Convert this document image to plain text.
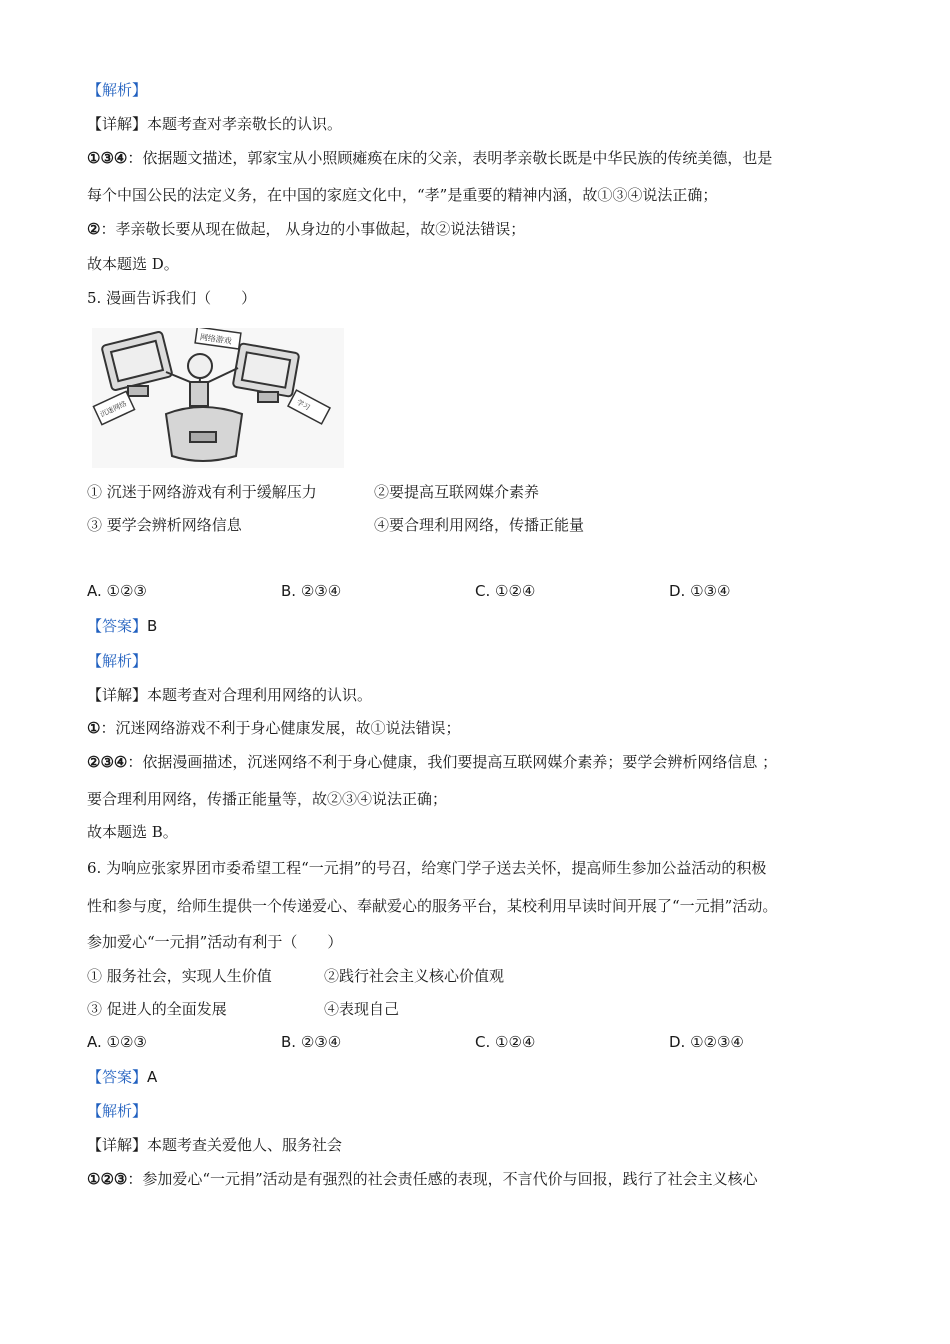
【解析】
【详解】本题考查对孝亲敬长的认识。
①③④：依据题文描述，郭家宝从小照顾瘫痪在床的父亲，表明孝亲敬长既是中华民族的传统美德，也是
每个中国公民的法定义务，在中国的家庭文化中，“孝”是重要的精神内涵，故①③④说法正确；
②：孝亲敬长要从现在做起， 从身边的小事做起，故②说法错误；
故本题选 D。
5. 漫画告诉我们（　　）
网络游戏
沉迷网络	学习
① 沉迷于网络游戏有利于缓解压力	②要提高互联网媒介素养
③ 要学会辨析网络信息	④要合理利用网络，传播正能量
A. ①②③	B. ②③④	C. ①②④	D. ①③④
【答案】B
【解析】
【详解】本题考查对合理利用网络的认识。
①：沉迷网络游戏不利于身心健康发展，故①说法错误；
②③④：依据漫画描述，沉迷网络不利于身心健康，我们要提高互联网媒介素养；要学会辨析网络信息 ；
要合理利用网络，传播正能量等，故②③④说法正确；
故本题选 B。
6. 为响应张家界团市委希望工程“一元捐”的号召，给寒门学子送去关怀，提高师生参加公益活动的积极
性和参与度，给师生提供一个传递爱心、奉献爱心的服务平台，某校利用早读时间开展了“一元捐”活动。
参加爱心“一元捐”活动有利于（　　）
① 服务社会，实现人生价值	②践行社会主义核心价值观
③ 促进人的全面发展	④表现自己
A. ①②③	B. ②③④	C. ①②④	D. ①②③④
【答案】A
【解析】
【详解】本题考查关爱他人、服务社会
①②③：参加爱心“一元捐”活动是有强烈的社会责任感的表现，不言代价与回报，践行了社会主义核心
